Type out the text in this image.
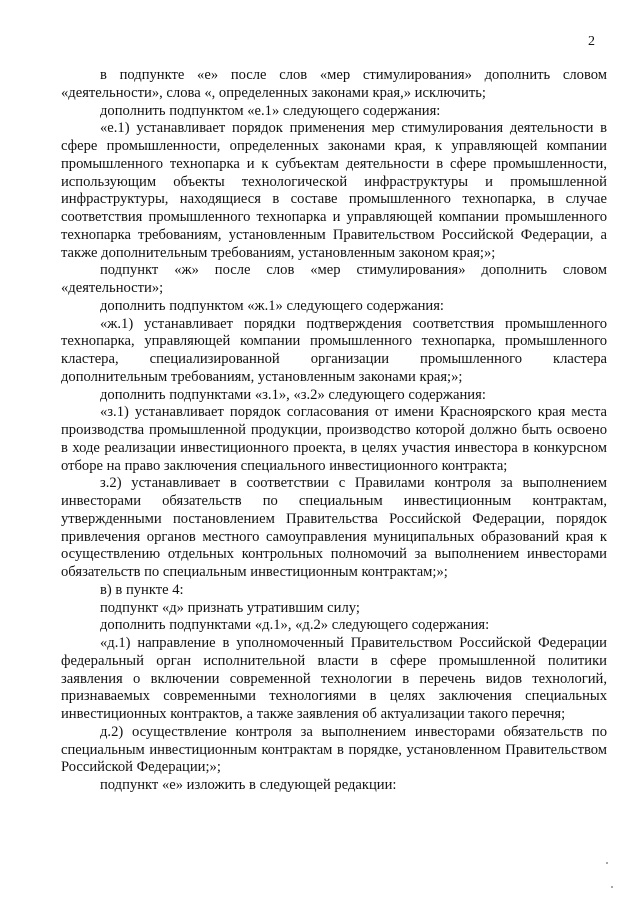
2

в подпункте «е» после слов «мер стимулирования» дополнить словом «деятельности», слова «, определенных законами края,» исключить;

дополнить подпунктом «е.1» следующего содержания:

«е.1) устанавливает порядок применения мер стимулирования деятельности в сфере промышленности, определенных законами края, к управляющей компании промышленного технопарка и к субъектам деятельности в сфере промышленности, использующим объекты технологической инфраструктуры и промышленной инфраструктуры, находящиеся в составе промышленного технопарка, в случае соответствия промышленного технопарка и управляющей компании промышленного технопарка требованиям, установленным Правительством Российской Федерации, а также дополнительным требованиям, установленным законом края;»;

подпункт «ж» после слов «мер стимулирования» дополнить словом «деятельности»;

дополнить подпунктом «ж.1» следующего содержания:

«ж.1) устанавливает порядки подтверждения соответствия промышленного технопарка, управляющей компании промышленного технопарка, промышленного кластера, специализированной организации промышленного кластера дополнительным требованиям, установленным законами края;»;

дополнить подпунктами «з.1», «з.2» следующего содержания:

«з.1) устанавливает порядок согласования от имени Красноярского края места производства промышленной продукции, производство которой должно быть освоено в ходе реализации инвестиционного проекта, в целях участия инвестора в конкурсном отборе на право заключения специального инвестиционного контракта;

з.2) устанавливает в соответствии с Правилами контроля за выполнением инвесторами обязательств по специальным инвестиционным контрактам, утвержденными постановлением Правительства Российской Федерации, порядок привлечения органов местного самоуправления муниципальных образований края к осуществлению отдельных контрольных полномочий за выполнением инвесторами обязательств по специальным инвестиционным контрактам;»;

в) в пункте 4:

подпункт «д» признать утратившим силу;

дополнить подпунктами «д.1», «д.2» следующего содержания:

«д.1) направление в уполномоченный Правительством Российской Федерации федеральный орган исполнительной власти в сфере промышленной политики заявления о включении современной технологии в перечень видов технологий, признаваемых современными технологиями в целях заключения специальных инвестиционных контрактов, а также заявления об актуализации такого перечня;

д.2) осуществление контроля за выполнением инвесторами обязательств по специальным инвестиционным контрактам в порядке, установленном Правительством Российской Федерации;»;

подпункт «е» изложить в следующей редакции:
